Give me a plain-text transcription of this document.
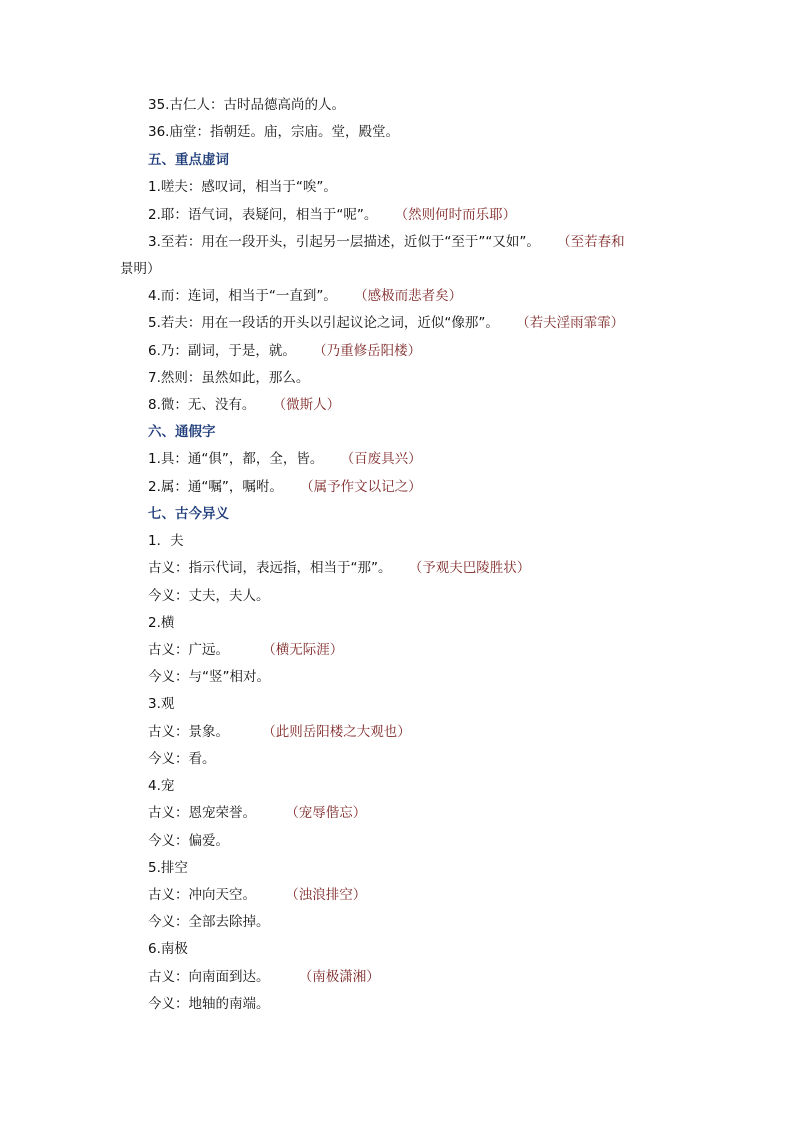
35.古仁人：古时品德高尚的人。
36.庙堂：指朝廷。庙，宗庙。堂，殿堂。
五、重点虚词
1.嗟夫：感叹词，相当于“唉”。
2.耶：语气词，表疑问，相当于“呢”。 （然则何时而乐耶）
3.至若：用在一段开头，引起另一层描述，近似于“至于”“又如”。 （至若春和
景明）
4.而：连词，相当于“一直到”。 （感极而悲者矣）
5.若夫：用在一段话的开头以引起议论之词，近似“像那”。 （若夫淫雨霏霏）
6.乃：副词，于是，就。 （乃重修岳阳楼）
7.然则：虽然如此，那么。
8.微：无、没有。 （微斯人）
六、通假字
1.具：通“俱”，都，全，皆。 （百废具兴）
2.属：通“嘱”，嘱咐。 （属予作文以记之）
七、古今异义
1．夫
古义：指示代词，表远指，相当于“那”。 （予观夫巴陵胜状）
今义：丈夫，夫人。
2.横
古义：广远。	（横无际涯）
今义：与“竖”相对。
3.观
古义：景象。	（此则岳阳楼之大观也）
今义：看。
4.宠
古义：恩宠荣誉。	（宠辱偕忘）
今义：偏爱。
5.排空
古义：冲向天空。	（浊浪排空）
今义：全部去除掉。
6.南极
古义：向南面到达。	（南极潇湘）
今义：地轴的南端。
